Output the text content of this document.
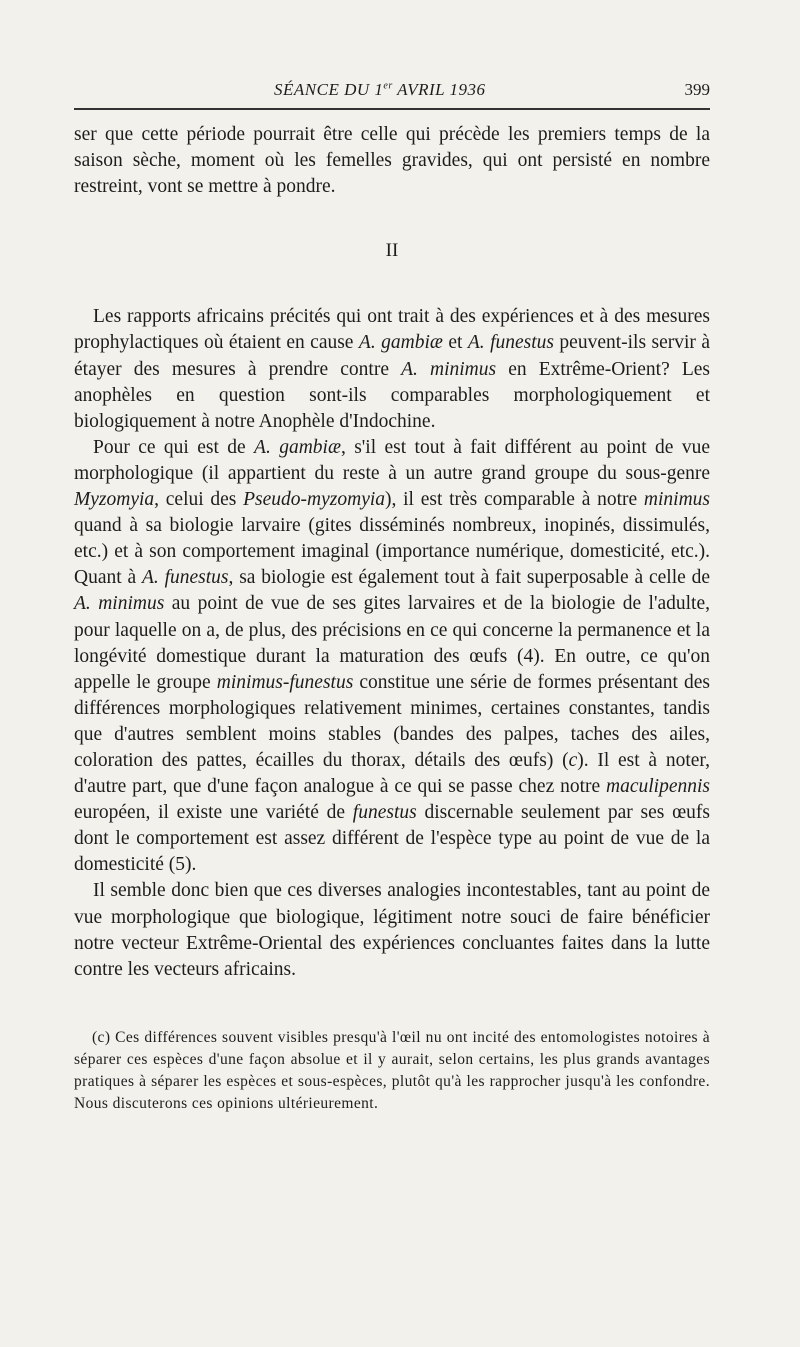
SÉANCE DU 1er AVRIL 1936	399

ser que cette période pourrait être celle qui précède les premiers temps de la saison sèche, moment où les femelles gravides, qui ont persisté en nombre restreint, vont se mettre à pondre.

II

Les rapports africains précités qui ont trait à des expériences et à des mesures prophylactiques où étaient en cause A. gambiæ et A. funestus peuvent-ils servir à étayer des mesures à prendre contre A. minimus en Extrême-Orient? Les anophèles en question sont-ils comparables morphologiquement et biologiquement à notre Anophèle d'Indochine.

Pour ce qui est de A. gambiæ, s'il est tout à fait différent au point de vue morphologique (il appartient du reste à un autre grand groupe du sous-genre Myzomyia, celui des Pseudo-myzomyia), il est très comparable à notre minimus quand à sa biologie larvaire (gites disséminés nombreux, inopinés, dissimulés, etc.) et à son comportement imaginal (importance numérique, domesticité, etc.). Quant à A. funestus, sa biologie est également tout à fait superposable à celle de A. minimus au point de vue de ses gites larvaires et de la biologie de l'adulte, pour laquelle on a, de plus, des précisions en ce qui concerne la permanence et la longévité domestique durant la maturation des œufs (4). En outre, ce qu'on appelle le groupe minimus-funestus constitue une série de formes présentant des différences morphologiques relativement minimes, certaines constantes, tandis que d'autres semblent moins stables (bandes des palpes, taches des ailes, coloration des pattes, écailles du thorax, détails des œufs) (c). Il est à noter, d'autre part, que d'une façon analogue à ce qui se passe chez notre maculipennis européen, il existe une variété de funestus discernable seulement par ses œufs dont le comportement est assez différent de l'espèce type au point de vue de la domesticité (5).

Il semble donc bien que ces diverses analogies incontestables, tant au point de vue morphologique que biologique, légitiment notre souci de faire bénéficier notre vecteur Extrême-Oriental des expériences concluantes faites dans la lutte contre les vecteurs africains.

(c) Ces différences souvent visibles presqu'à l'œil nu ont incité des entomologistes notoires à séparer ces espèces d'une façon absolue et il y aurait, selon certains, les plus grands avantages pratiques à séparer les espèces et sous-espèces, plutôt qu'à les rapprocher jusqu'à les confondre. Nous discuterons ces opinions ultérieurement.
